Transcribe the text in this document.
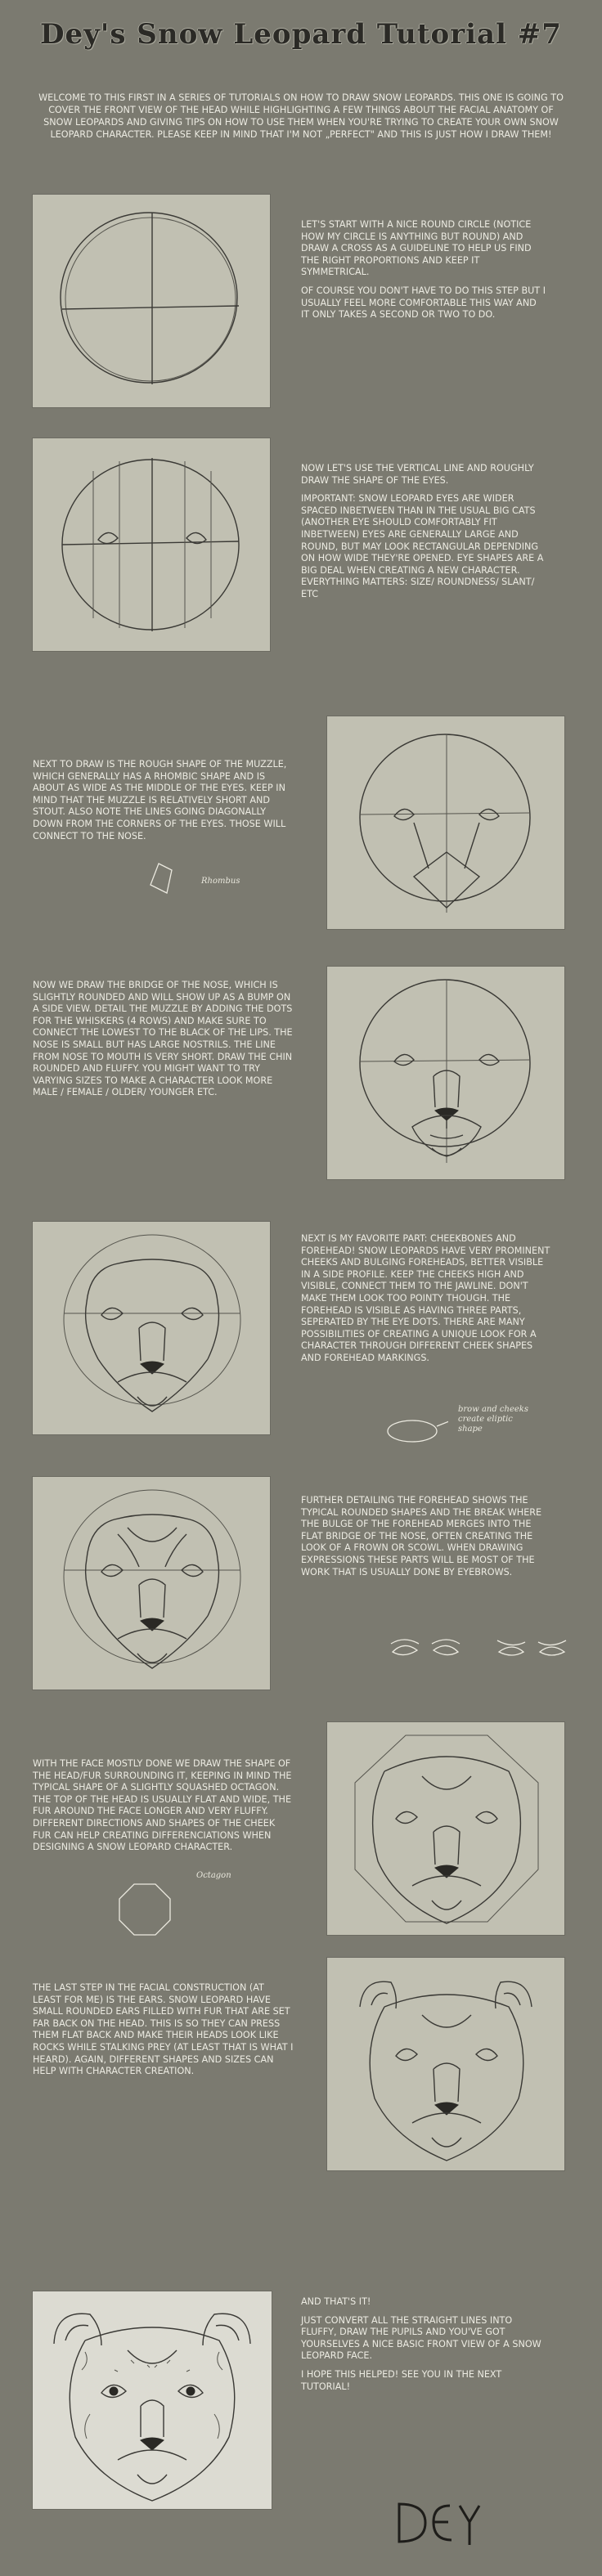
Dey's Snow Leopard Tutorial #7
WELCOME TO THIS FIRST IN A SERIES OF TUTORIALS ON HOW TO DRAW SNOW LEOPARDS. THIS ONE IS GOING TO COVER THE FRONT VIEW OF THE HEAD WHILE HIGHLIGHTING A FEW THINGS ABOUT THE FACIAL ANATOMY OF SNOW LEOPARDS AND GIVING TIPS ON HOW TO USE THEM WHEN YOU'RE TRYING TO CREATE YOUR OWN SNOW LEOPARD CHARACTER. PLEASE KEEP IN MIND THAT I'M NOT „PERFECT" AND THIS IS JUST HOW I DRAW THEM!

LET'S START WITH A NICE ROUND CIRCLE (NOTICE HOW MY CIRCLE IS ANYTHING BUT ROUND) AND DRAW A CROSS AS A GUIDELINE TO HELP US FIND THE RIGHT PROPORTIONS AND KEEP IT SYMMETRICAL.

OF COURSE YOU DON'T HAVE TO DO THIS STEP BUT I USUALLY FEEL MORE COMFORTABLE THIS WAY AND IT ONLY TAKES A SECOND OR TWO TO DO.

NOW LET'S USE THE VERTICAL LINE AND ROUGHLY DRAW THE SHAPE OF THE EYES.

IMPORTANT: SNOW LEOPARD EYES ARE WIDER SPACED INBETWEEN THAN IN THE USUAL BIG CATS (ANOTHER EYE SHOULD COMFORTABLY FIT INBETWEEN) EYES ARE GENERALLY LARGE AND ROUND, BUT MAY LOOK RECTANGULAR DEPENDING ON HOW WIDE THEY'RE OPENED. EYE SHAPES ARE A BIG DEAL WHEN CREATING A NEW CHARACTER. EVERYTHING MATTERS: SIZE/ ROUNDNESS/ SLANT/ ETC

NEXT TO DRAW IS THE ROUGH SHAPE OF THE MUZZLE, WHICH GENERALLY HAS A RHOMBIC SHAPE AND IS ABOUT AS WIDE AS THE MIDDLE OF THE EYES. KEEP IN MIND THAT THE MUZZLE IS RELATIVELY SHORT AND STOUT. ALSO NOTE THE LINES GOING DIAGONALLY DOWN FROM THE CORNERS OF THE EYES. THOSE WILL CONNECT TO THE NOSE.

Rhombus

NOW WE DRAW THE BRIDGE OF THE NOSE, WHICH IS SLIGHTLY ROUNDED AND WILL SHOW UP AS A BUMP ON A SIDE VIEW. DETAIL THE MUZZLE BY ADDING THE DOTS FOR THE WHISKERS (4 ROWS) AND MAKE SURE TO CONNECT THE LOWEST TO THE BLACK OF THE LIPS. THE NOSE IS SMALL BUT HAS LARGE NOSTRILS. THE LINE FROM NOSE TO MOUTH IS VERY SHORT. DRAW THE CHIN ROUNDED AND FLUFFY. YOU MIGHT WANT TO TRY VARYING SIZES TO MAKE A CHARACTER LOOK MORE MALE / FEMALE / OLDER/ YOUNGER ETC.

NEXT IS MY FAVORITE PART: CHEEKBONES AND FOREHEAD! SNOW LEOPARDS HAVE VERY PROMINENT CHEEKS AND BULGING FOREHEADS, BETTER VISIBLE IN A SIDE PROFILE. KEEP THE CHEEKS HIGH AND VISIBLE, CONNECT THEM TO THE JAWLINE. DON'T MAKE THEM LOOK TOO POINTY THOUGH. THE FOREHEAD IS VISIBLE AS HAVING THREE PARTS, SEPERATED BY THE EYE DOTS. THERE ARE MANY POSSIBILITIES OF CREATING A UNIQUE LOOK FOR A CHARACTER THROUGH DIFFERENT CHEEK SHAPES AND FOREHEAD MARKINGS.

brow and cheeks create eliptic shape

FURTHER DETAILING THE FOREHEAD SHOWS THE TYPICAL ROUNDED SHAPES AND THE BREAK WHERE THE BULGE OF THE FOREHEAD MERGES INTO THE FLAT BRIDGE OF THE NOSE, OFTEN CREATING THE LOOK OF A FROWN OR SCOWL. WHEN DRAWING EXPRESSIONS THESE PARTS WILL BE MOST OF THE WORK THAT IS USUALLY DONE BY EYEBROWS.

WITH THE FACE MOSTLY DONE WE DRAW THE SHAPE OF THE HEAD/FUR SURROUNDING IT, KEEPING IN MIND THE TYPICAL SHAPE OF A SLIGHTLY SQUASHED OCTAGON. THE TOP OF THE HEAD IS USUALLY FLAT AND WIDE, THE FUR AROUND THE FACE LONGER AND VERY FLUFFY. DIFFERENT DIRECTIONS AND SHAPES OF THE CHEEK FUR CAN HELP CREATING DIFFERENCIATIONS WHEN DESIGNING A SNOW LEOPARD CHARACTER.

Octagon

THE LAST STEP IN THE FACIAL CONSTRUCTION (AT LEAST FOR ME) IS THE EARS. SNOW LEOPARD HAVE SMALL ROUNDED EARS FILLED WITH FUR THAT ARE SET FAR BACK ON THE HEAD. THIS IS SO THEY CAN PRESS THEM FLAT BACK AND MAKE THEIR HEADS LOOK LIKE ROCKS WHILE STALKING PREY (AT LEAST THAT IS WHAT I HEARD). AGAIN, DIFFERENT SHAPES AND SIZES CAN HELP WITH CHARACTER CREATION.

AND THAT'S IT!

JUST CONVERT ALL THE STRAIGHT LINES INTO FLUFFY, DRAW THE PUPILS AND YOU'VE GOT YOURSELVES A NICE BASIC FRONT VIEW OF A SNOW LEOPARD FACE.

I HOPE THIS HELPED! SEE YOU IN THE NEXT TUTORIAL!
